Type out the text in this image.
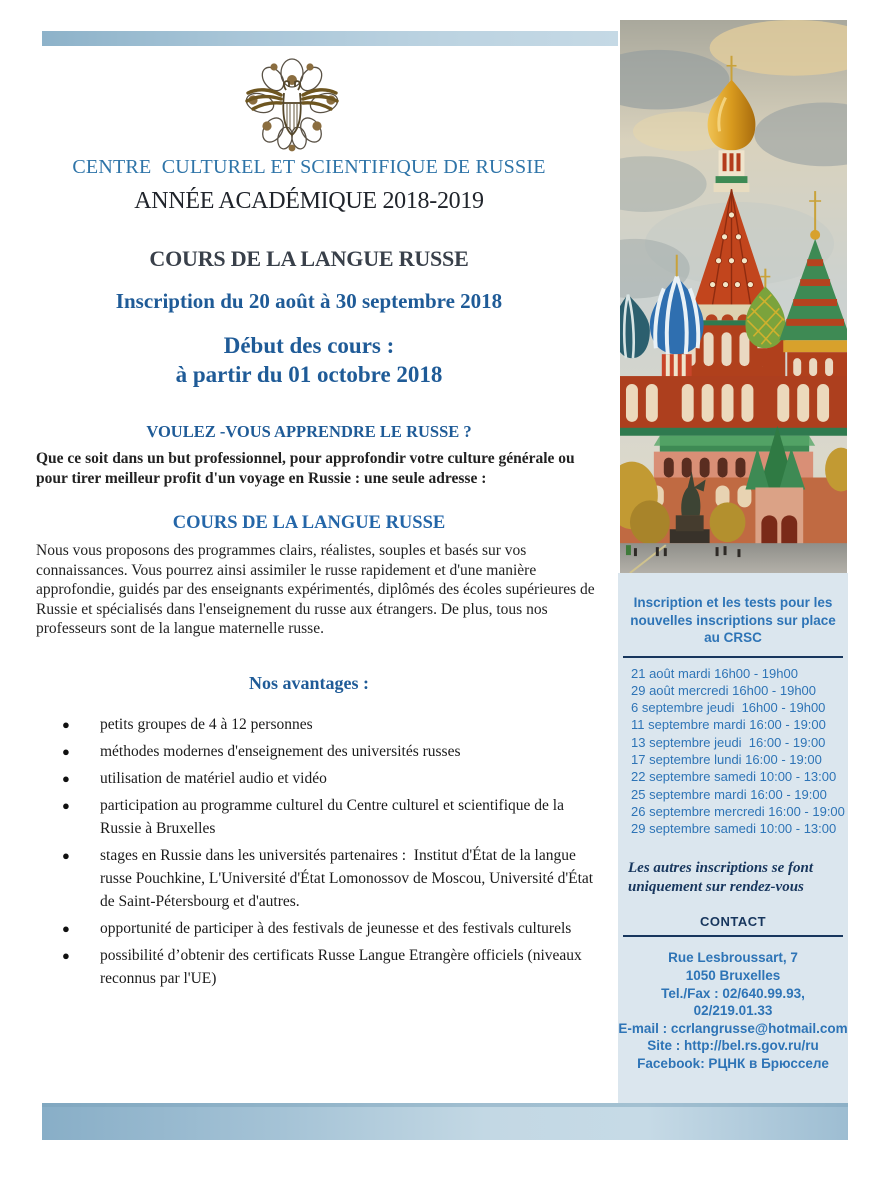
CENTRE  CULTUREL ET SCIENTIFIQUE DE RUSSIE
ANNÉE ACADÉMIQUE 2018-2019
COURS DE LA LANGUE RUSSE
Inscription du 20 août à 30 septembre 2018
Début des cours :
à partir du 01 octobre 2018
VOULEZ -VOUS APPRENDRE LE RUSSE ?

Que ce soit dans un but professionnel, pour approfondir votre culture générale ou pour tirer meilleur profit d'un voyage en Russie : une seule adresse :

COURS DE LA LANGUE RUSSE

Nous vous proposons des programmes clairs, réalistes, souples et basés sur vos connaissances. Vous pourrez ainsi assimiler le russe rapidement et d'une manière approfondie, guidés par des enseignants expérimentés, diplômés des écoles supérieures de Russie et spécialisés dans l'enseignement du russe aux étrangers. De plus, tous nos professeurs sont de la langue maternelle russe.

Nos avantages :
● petits groupes de 4 à 12 personnes
● méthodes modernes d'enseignement des universités russes
● utilisation de matériel audio et vidéo
● participation au programme culturel du Centre culturel et scientifique de la Russie à Bruxelles
● stages en Russie dans les universités partenaires :  Institut d'État de la langue russe Pouchkine, L'Université d'État Lomonossov de Moscou, Université d'État de Saint-Pétersbourg et d'autres.
● opportunité de participer à des festivals de jeunesse et des festivals culturels
● possibilité d’obtenir des certificats Russe Langue Etrangère officiels (niveaux reconnus par l'UE)
Inscription et les tests pour les nouvelles inscriptions sur place au CRSC
21 août mardi 16h00 - 19h00
29 août mercredi 16h00 - 19h00
6 septembre jeudi  16h00 - 19h00
11 septembre mardi 16:00 - 19:00
13 septembre jeudi  16:00 - 19:00
17 septembre lundi 16:00 - 19:00
22 septembre samedi 10:00 - 13:00
25 septembre mardi 16:00 - 19:00
26 septembre mercredi 16:00 - 19:00
29 septembre samedi 10:00 - 13:00
Les autres inscriptions se font uniquement sur rendez-vous
CONTACT
Rue Lesbroussart, 7
1050 Bruxelles
Tel./Fax : 02/640.99.93,
02/219.01.33
E-mail : ccrlangrusse@hotmail.com
Site : http://bel.rs.gov.ru/ru
Facebook: РЦНК в Брюсселе
